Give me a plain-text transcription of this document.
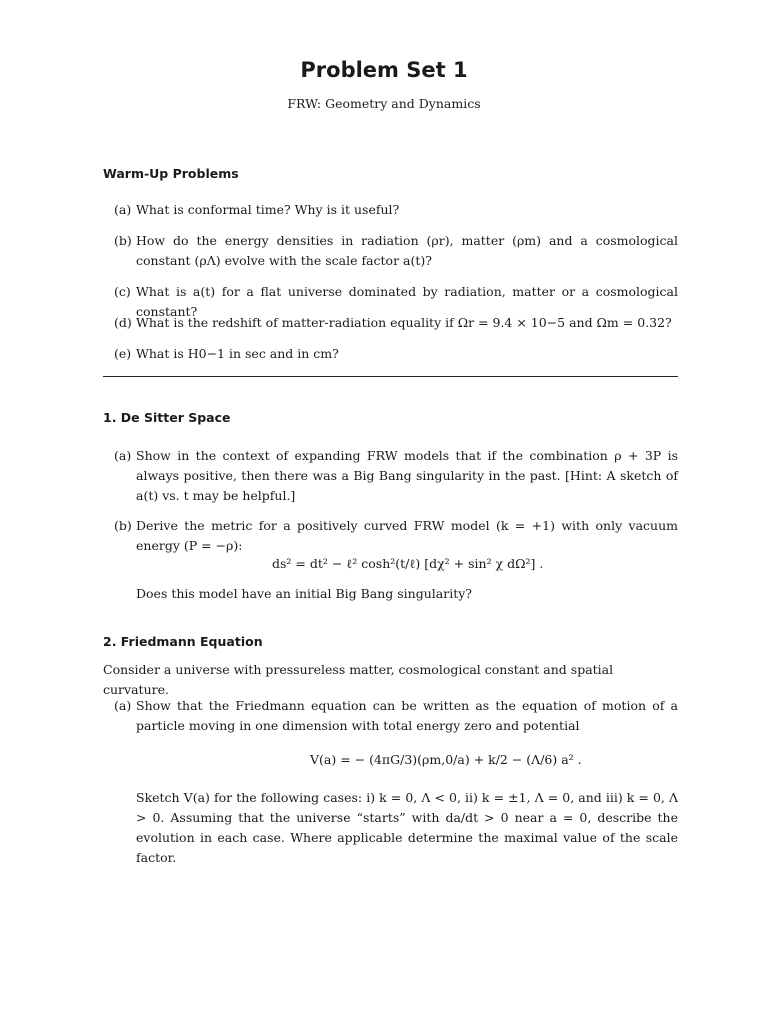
Problem Set 1
FRW: Geometry and Dynamics
Warm-Up Problems
(a) What is conformal time? Why is it useful?
(b) How do the energy densities in radiation (ρr), matter (ρm) and a cosmological constant (ρΛ) evolve with the scale factor a(t)?
(c) What is a(t) for a flat universe dominated by radiation, matter or a cosmological constant?
(d) What is the redshift of matter-radiation equality if Ωr = 9.4 × 10−5 and Ωm = 0.32?
(e) What is H0−1 in sec and in cm?
1. De Sitter Space
(a) Show in the context of expanding FRW models that if the combination ρ + 3P is always positive, then there was a Big Bang singularity in the past. [Hint: A sketch of a(t) vs. t may be helpful.]
(b) Derive the metric for a positively curved FRW model (k = +1) with only vacuum energy (P = −ρ):
ds² = dt² − ℓ² cosh²(t/ℓ) [dχ² + sin² χ dΩ²] .
Does this model have an initial Big Bang singularity?
2. Friedmann Equation
Consider a universe with pressureless matter, cosmological constant and spatial curvature.
(a) Show that the Friedmann equation can be written as the equation of motion of a particle moving in one dimension with total energy zero and potential
V(a) = − (4πG/3)(ρm,0/a) + k/2 − (Λ/6) a² .
Sketch V(a) for the following cases: i) k = 0, Λ < 0, ii) k = ±1, Λ = 0, and iii) k = 0, Λ > 0. Assuming that the universe “starts” with da/dt > 0 near a = 0, describe the evolution in each case. Where applicable determine the maximal value of the scale factor.
